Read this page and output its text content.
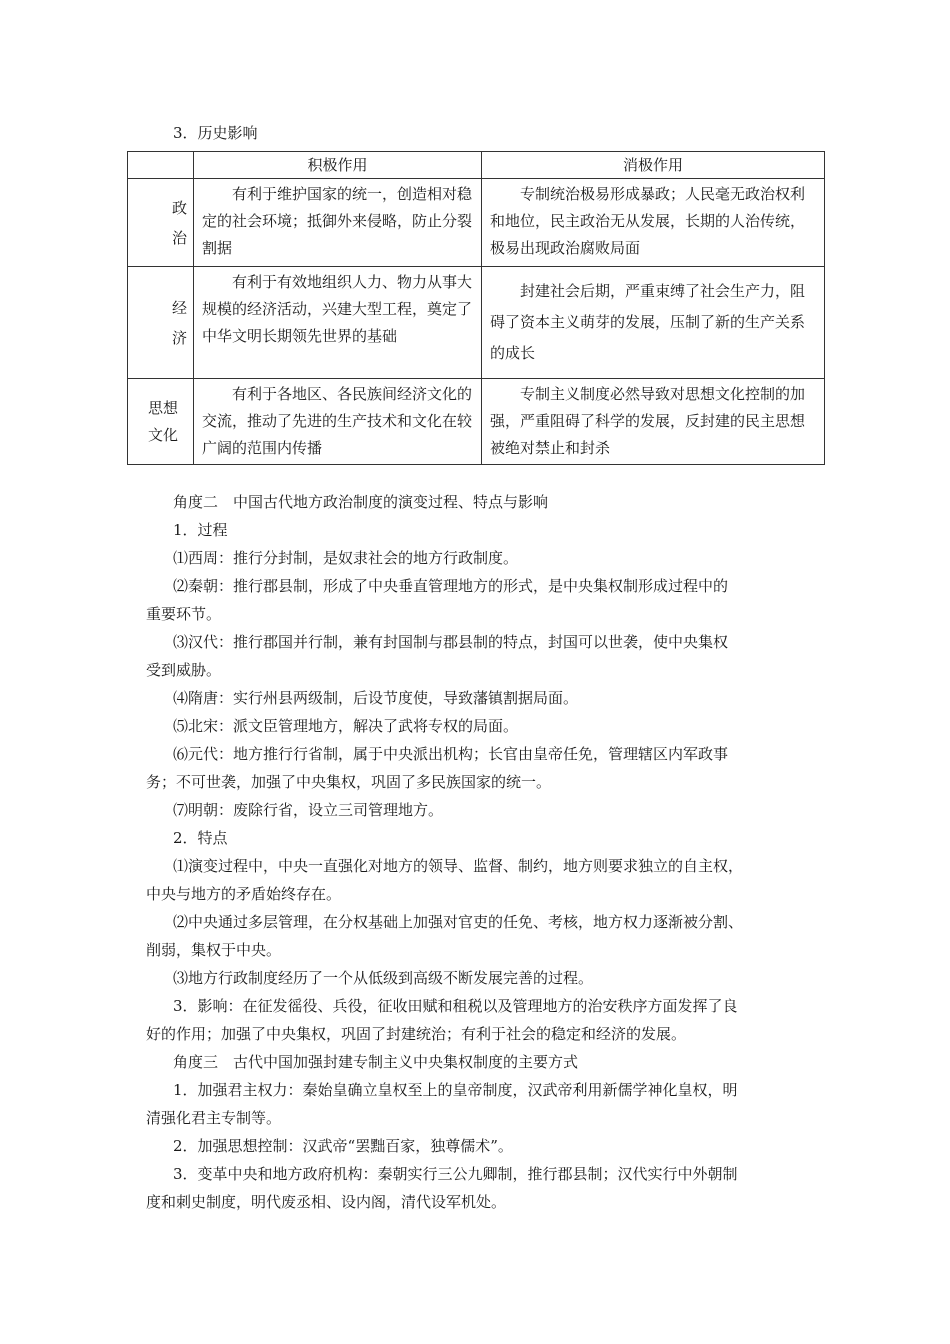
3．历史影响
	积极作用	消极作用

政治	有利于维护国家的统一，创造相对稳定的社会环境；抵御外来侵略，防止分裂割据	专制统治极易形成暴政；人民毫无政治权利和地位，民主政治无从发展，长期的人治传统，极易出现政治腐败局面

经济	有利于有效地组织人力、物力从事大规模的经济活动，兴建大型工程，奠定了中华文明长期领先世界的基础	封建社会后期，严重束缚了社会生产力，阻碍了资本主义萌芽的发展，压制了新的生产关系的成长

思想文化	有利于各地区、各民族间经济文化的交流，推动了先进的生产技术和文化在较广阔的范围内传播	专制主义制度必然导致对思想文化控制的加强，严重阻碍了科学的发展，反封建的民主思想被绝对禁止和封杀

角度二　中国古代地方政治制度的演变过程、特点与影响
1．过程
⑴西周：推行分封制，是奴隶社会的地方行政制度。
⑵秦朝：推行郡县制，形成了中央垂直管理地方的形式，是中央集权制形成过程中的
重要环节。
⑶汉代：推行郡国并行制，兼有封国制与郡县制的特点，封国可以世袭，使中央集权
受到威胁。
⑷隋唐：实行州县两级制，后设节度使，导致藩镇割据局面。
⑸北宋：派文臣管理地方，解决了武将专权的局面。
⑹元代：地方推行行省制，属于中央派出机构；长官由皇帝任免，管理辖区内军政事
务；不可世袭，加强了中央集权，巩固了多民族国家的统一。
⑺明朝：废除行省，设立三司管理地方。
2．特点
⑴演变过程中，中央一直强化对地方的领导、监督、制约，地方则要求独立的自主权，
中央与地方的矛盾始终存在。
⑵中央通过多层管理，在分权基础上加强对官吏的任免、考核，地方权力逐渐被分割、
削弱，集权于中央。
⑶地方行政制度经历了一个从低级到高级不断发展完善的过程。
3．影响：在征发徭役、兵役，征收田赋和租税以及管理地方的治安秩序方面发挥了良
好的作用；加强了中央集权，巩固了封建统治；有利于社会的稳定和经济的发展。
角度三　古代中国加强封建专制主义中央集权制度的主要方式
1．加强君主权力：秦始皇确立皇权至上的皇帝制度，汉武帝利用新儒学神化皇权，明
清强化君主专制等。
2．加强思想控制：汉武帝“罢黜百家，独尊儒术”。
3．变革中央和地方政府机构：秦朝实行三公九卿制，推行郡县制；汉代实行中外朝制
度和刺史制度，明代废丞相、设内阁，清代设军机处。
